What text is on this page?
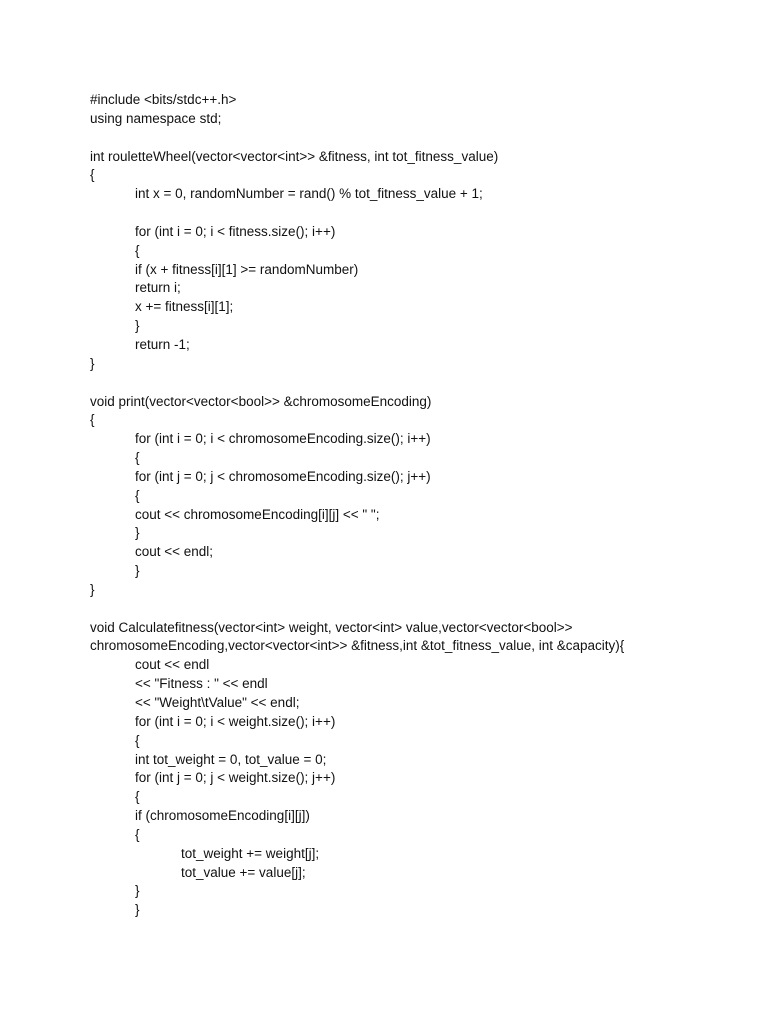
#include <bits/stdc++.h>
using namespace std;
int rouletteWheel(vector<vector<int>> &fitness, int tot_fitness_value)
{
int x = 0, randomNumber = rand() % tot_fitness_value + 1;
for (int i = 0; i < fitness.size(); i++)
{
if (x + fitness[i][1] >= randomNumber)
return i;
x += fitness[i][1];
}
return -1;
}
void print(vector<vector<bool>> &chromosomeEncoding)
{
for (int i = 0; i < chromosomeEncoding.size(); i++)
{
for (int j = 0; j < chromosomeEncoding.size(); j++)
{
cout << chromosomeEncoding[i][j] << " ";
}
cout << endl;
}
}
void Calculatefitness(vector<int> weight, vector<int> value,vector<vector<bool>>
chromosomeEncoding,vector<vector<int>> &fitness,int &tot_fitness_value, int &capacity){
cout << endl
<< "Fitness : " << endl
<< "Weight\tValue" << endl;
for (int i = 0; i < weight.size(); i++)
{
int tot_weight = 0, tot_value = 0;
for (int j = 0; j < weight.size(); j++)
{
if (chromosomeEncoding[i][j])
{
tot_weight += weight[j];
tot_value += value[j];
}
}
